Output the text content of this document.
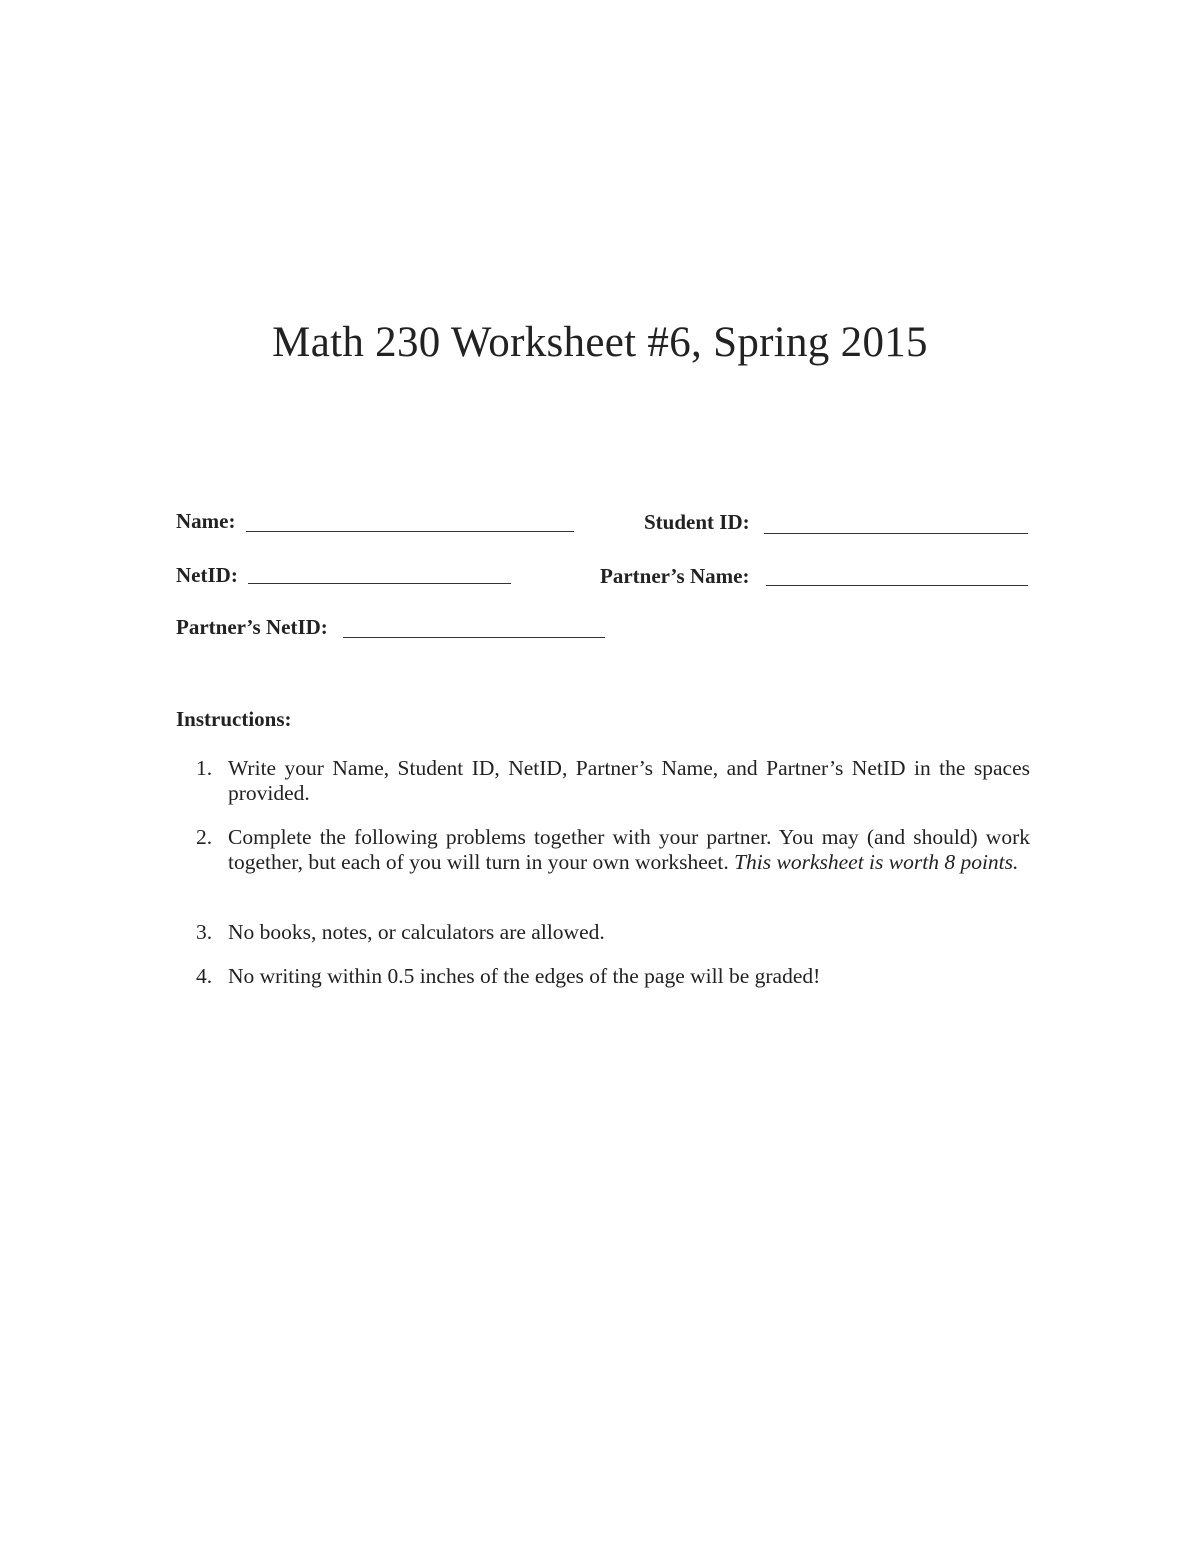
Math 230 Worksheet #6, Spring 2015
Name:	Student ID:
NetID:	Partner’s Name:
Partner’s NetID:
Instructions:
1. Write your Name, Student ID, NetID, Partner’s Name, and Partner’s NetID in the spaces provided.
2. Complete the following problems together with your partner. You may (and should) work together, but each of you will turn in your own worksheet. This worksheet is worth 8 points.
3. No books, notes, or calculators are allowed.
4. No writing within 0.5 inches of the edges of the page will be graded!
